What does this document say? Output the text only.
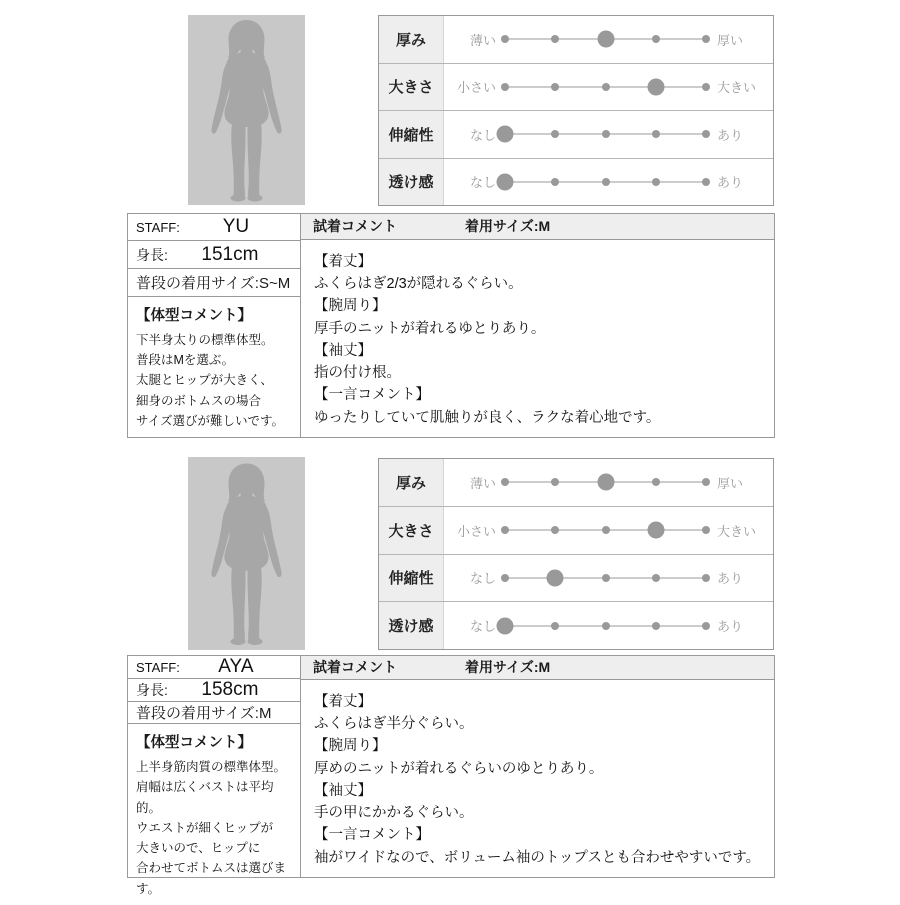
厚み	薄い	厚い
大きさ	小さい	大きい
伸縮性	なし	あり
透け感	なし	あり
STAFF:	YU
身長:	151cm
普段の着用サイズ:S~M
【体型コメント】
下半身太りの標準体型。
普段はMを選ぶ。
太腿とヒップが大きく、
細身のボトムスの場合
サイズ選びが難しいです。
試着コメント	着用サイズ:M
【着丈】
ふくらはぎ2/3が隠れるぐらい。
【腕周り】
厚手のニットが着れるゆとりあり。
【袖丈】
指の付け根。
【一言コメント】
ゆったりしていて肌触りが良く、ラクな着心地です。
厚み	薄い	厚い
大きさ	小さい	大きい
伸縮性	なし	あり
透け感	なし	あり
STAFF:	AYA
身長:	158cm
普段の着用サイズ:M
【体型コメント】
上半身筋肉質の標準体型。
肩幅は広くバストは平均的。
ウエストが細くヒップが
大きいので、ヒップに
合わせてボトムスは選びます。
試着コメント	着用サイズ:M
【着丈】
ふくらはぎ半分ぐらい。
【腕周り】
厚めのニットが着れるぐらいのゆとりあり。
【袖丈】
手の甲にかかるぐらい。
【一言コメント】
袖がワイドなので、ボリューム袖のトップスとも合わせやすいです。
